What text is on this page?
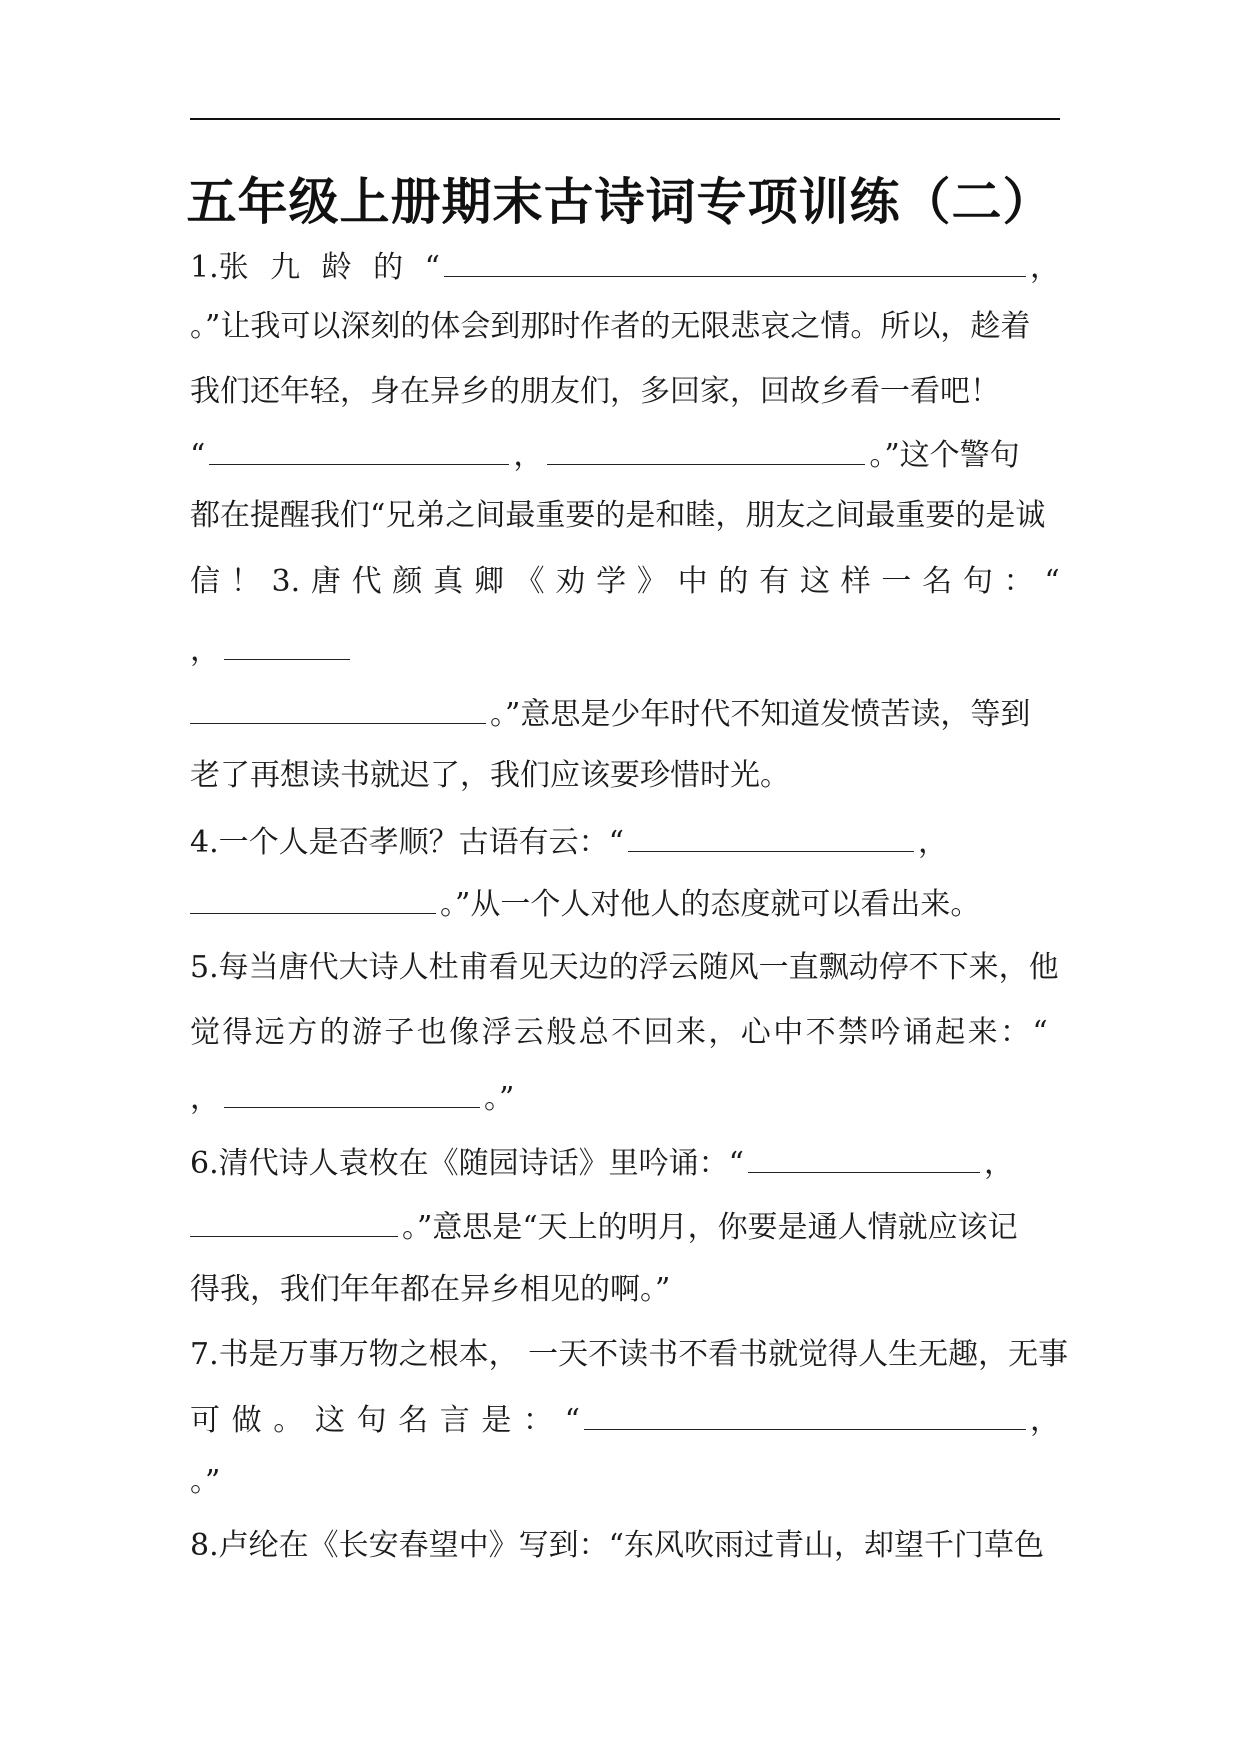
五年级上册期末古诗词专项训练（二）
1.张 九 龄 的 “	，
。”让我可以深刻的体会到那时作者的无限悲哀之情。所以，趁着
我们还年轻，身在异乡的朋友们，多回家，回故乡看一看吧！
“	，	。”这个警句
都在提醒我们“兄弟之间最重要的是和睦，朋友之间最重要的是诚
信 ！ 3. 唐 代 颜 真 卿 《 劝 学 》 中 的 有 这 样 一 名 句 ： “
，
。”意思是少年时代不知道发愤苦读，等到
老了再想读书就迟了，我们应该要珍惜时光。
4.一个人是否孝顺？古语有云：“	，
。”从一个人对他人的态度就可以看出来。
5.每当唐代大诗人杜甫看见天边的浮云随风一直飘动停不下来，他
觉得远方的游子也像浮云般总不回来，心中不禁吟诵起来：“
，	。”
6.清代诗人袁枚在《随园诗话》里吟诵：“	，
。”意思是“天上的明月，你要是通人情就应该记
得我，我们年年都在异乡相见的啊。”
7.书是万事万物之根本， 一天不读书不看书就觉得人生无趣，无事
可 做 。 这 句 名 言 是 ： “	，
。”
8.卢纶在《长安春望中》写到：“东风吹雨过青山，却望千门草色
